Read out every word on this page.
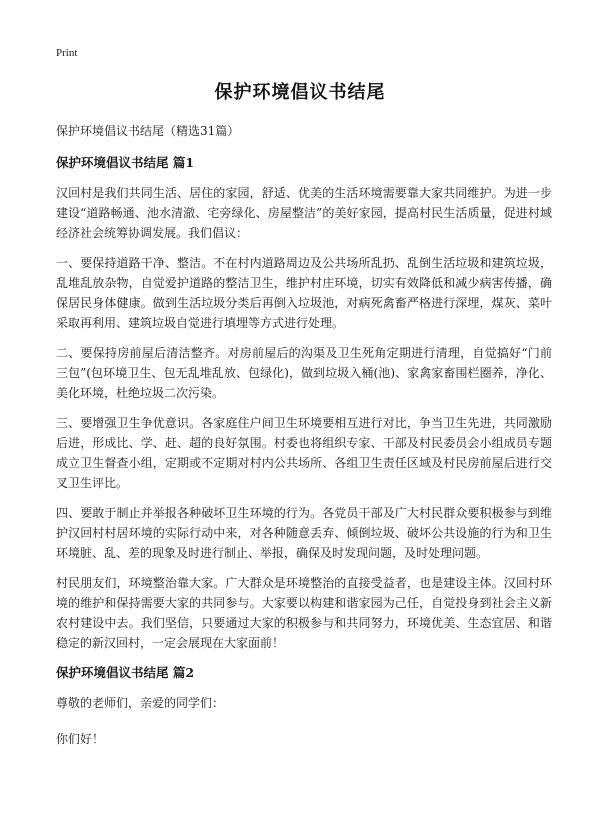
Print
保护环境倡议书结尾
保护环境倡议书结尾（精选31篇）
保护环境倡议书结尾 篇1

汉回村是我们共同生活、居住的家园，舒适、优美的生活环境需要靠大家共同维护。为进一步建设“道路畅通、池水清澈、宅旁绿化、房屋整洁”的美好家园，提高村民生活质量，促进村域经济社会统筹协调发展。我们倡议：

一、要保持道路干净、整洁。不在村内道路周边及公共场所乱扔、乱倒生活垃圾和建筑垃圾，乱堆乱放杂物，自觉爱护道路的整洁卫生，维护村庄环境，切实有效降低和减少病害传播，确保居民身体健康。做到生活垃圾分类后再倒入垃圾池，对病死禽畜严格进行深埋，煤灰、菜叶采取再利用、建筑垃圾自觉进行填埋等方式进行处理。

二、要保持房前屋后清洁整齐。对房前屋后的沟渠及卫生死角定期进行清理，自觉搞好“门前三包”(包环境卫生、包无乱堆乱放、包绿化)，做到垃圾入桶(池)、家禽家畜围栏圈养，净化、美化环境，杜绝垃圾二次污染。

三、要增强卫生争优意识。各家庭住户间卫生环境要相互进行对比，争当卫生先进，共同激励后进，形成比、学、赶、超的良好氛围。村委也将组织专家、干部及村民委员会小组成员专题成立卫生督查小组，定期或不定期对村内公共场所、各组卫生责任区域及村民房前屋后进行交叉卫生评比。

四、要敢于制止并举报各种破坏卫生环境的行为。各党员干部及广大村民群众要积极参与到维护汉回村村居环境的实际行动中来，对各种随意丢弃、倾倒垃圾、破坏公共设施的行为和卫生环境脏、乱、差的现象及时进行制止、举报，确保及时发现问题，及时处理问题。

村民朋友们，环境整治靠大家。广大群众是环境整治的直接受益者，也是建设主体。汉回村环境的维护和保持需要大家的共同参与。大家要以构建和谐家园为己任，自觉投身到社会主义新农村建设中去。我们坚信，只要通过大家的积极参与和共同努力，环境优美、生态宜居、和谐稳定的新汉回村，一定会展现在大家面前！

保护环境倡议书结尾 篇2

尊敬的老师们，亲爱的同学们：

你们好！
